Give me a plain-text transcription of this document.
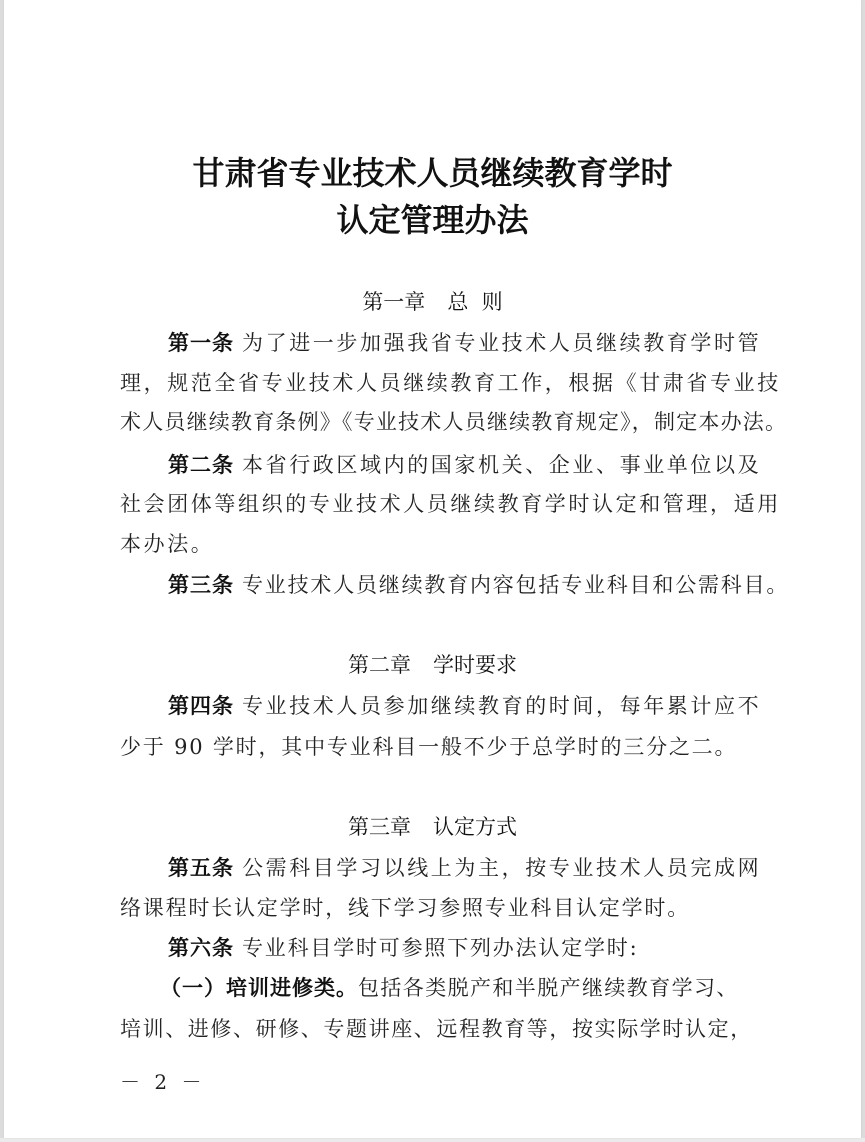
甘肃省专业技术人员继续教育学时
认定管理办法
第一章 总  则
第一条 为了进一步加强我省专业技术人员继续教育学时管
理，规范全省专业技术人员继续教育工作，根据《甘肃省专业技
术人员继续教育条例》《专业技术人员继续教育规定》，制定本办法。
第二条 本省行政区域内的国家机关、企业、事业单位以及
社会团体等组织的专业技术人员继续教育学时认定和管理，适用
本办法。
第三条 专业技术人员继续教育内容包括专业科目和公需科目。
第二章 学时要求
第四条 专业技术人员参加继续教育的时间，每年累计应不
少于 90 学时，其中专业科目一般不少于总学时的三分之二。
第三章 认定方式
第五条 公需科目学习以线上为主，按专业技术人员完成网
络课程时长认定学时，线下学习参照专业科目认定学时。
第六条 专业科目学时可参照下列办法认定学时:
（一）培训进修类。包括各类脱产和半脱产继续教育学习、
培训、进修、研修、专题讲座、远程教育等，按实际学时认定，
－ 2 －
